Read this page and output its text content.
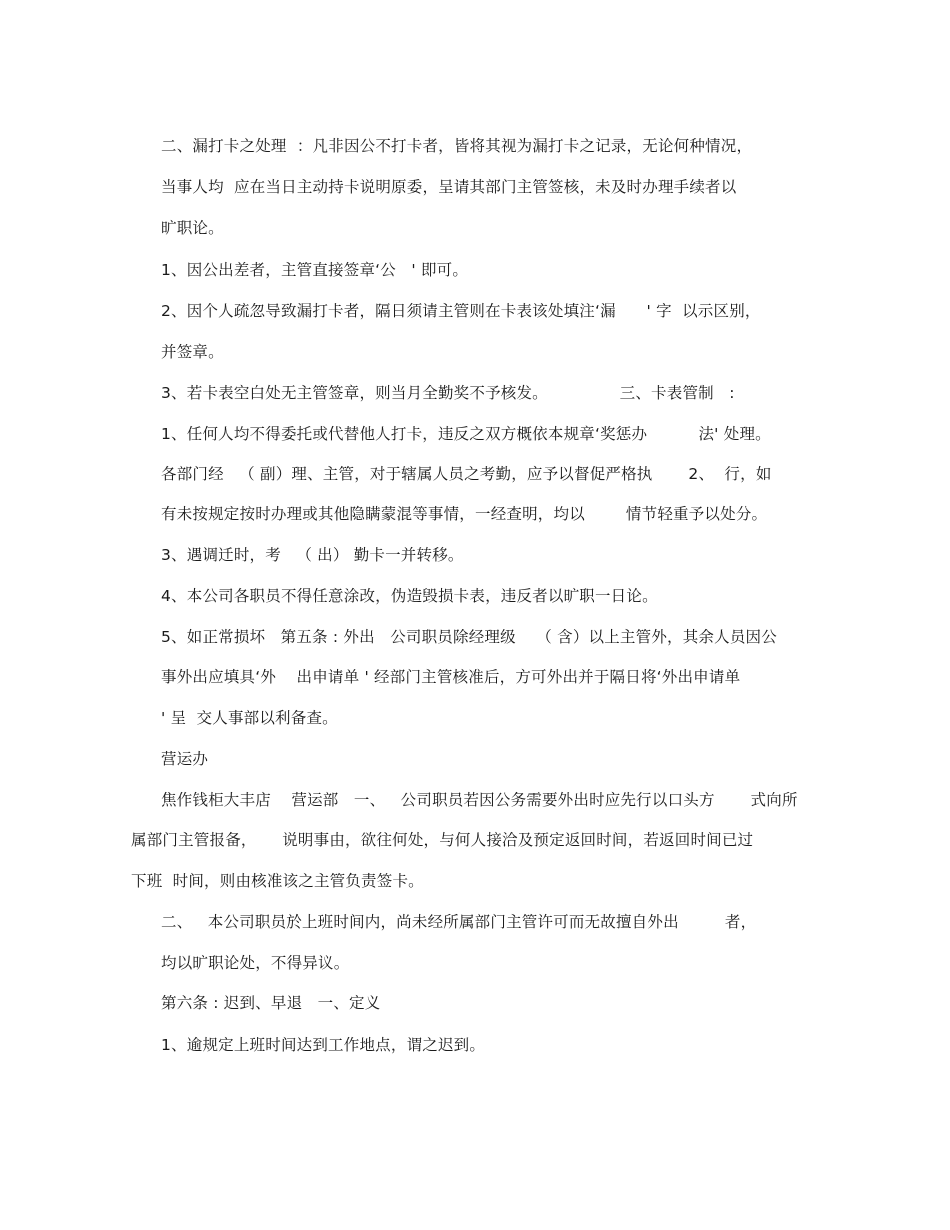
二、漏打卡之处理  ：凡非因公不打卡者，皆将其视为漏打卡之记录，无论何种情况，
当事人均  应在当日主动持卡说明原委，呈请其部门主管签核，未及时办理手续者以
旷职论。
1、因公出差者，主管直接签章‘公   ' 即可。
2、因个人疏忽导致漏打卡者，隔日须请主管则在卡表该处填注‘漏      ' 字  以示区别，
并签章。
3、若卡表空白处无主管签章，则当月全勤奖不予核发。              三、卡表管制   :
1、任何人均不得委托或代替他人打卡，违反之双方概依本规章‘奖惩办          法' 处理。
各部门经   （ 副）理、主管，对于辖属人员之考勤，应予以督促严格执       2、  行，如
有未按规定按时办理或其他隐瞒蒙混等事情，一经查明，均以        情节轻重予以处分。
3、遇调迁时，考   （ 出） 勤卡一并转移。
4、本公司各职员不得任意涂改，伪造毁损卡表，违反者以旷职一日论。
5、如正常损坏   第五条 : 外出   公司职员除经理级    （ 含）以上主管外，其余人员因公
事外出应填具‘外    出申请单 ' 经部门主管核准后，方可外出并于隔日将‘外出申请单
' 呈  交人事部以利备查。
营运办
焦作钱柜大丰店    营运部   一、   公司职员若因公务需要外出时应先行以口头方       式向所
属部门主管报备，     说明事由，欲往何处，与何人接洽及预定返回时间，若返回时间已过
下班  时间，则由核准该之主管负责签卡。
二、   本公司职员於上班时间内，尚未经所属部门主管许可而无故擅自外出         者，
均以旷职论处，不得异议。
第六条 : 迟到、早退   一、定义
1、逾规定上班时间达到工作地点，谓之迟到。
